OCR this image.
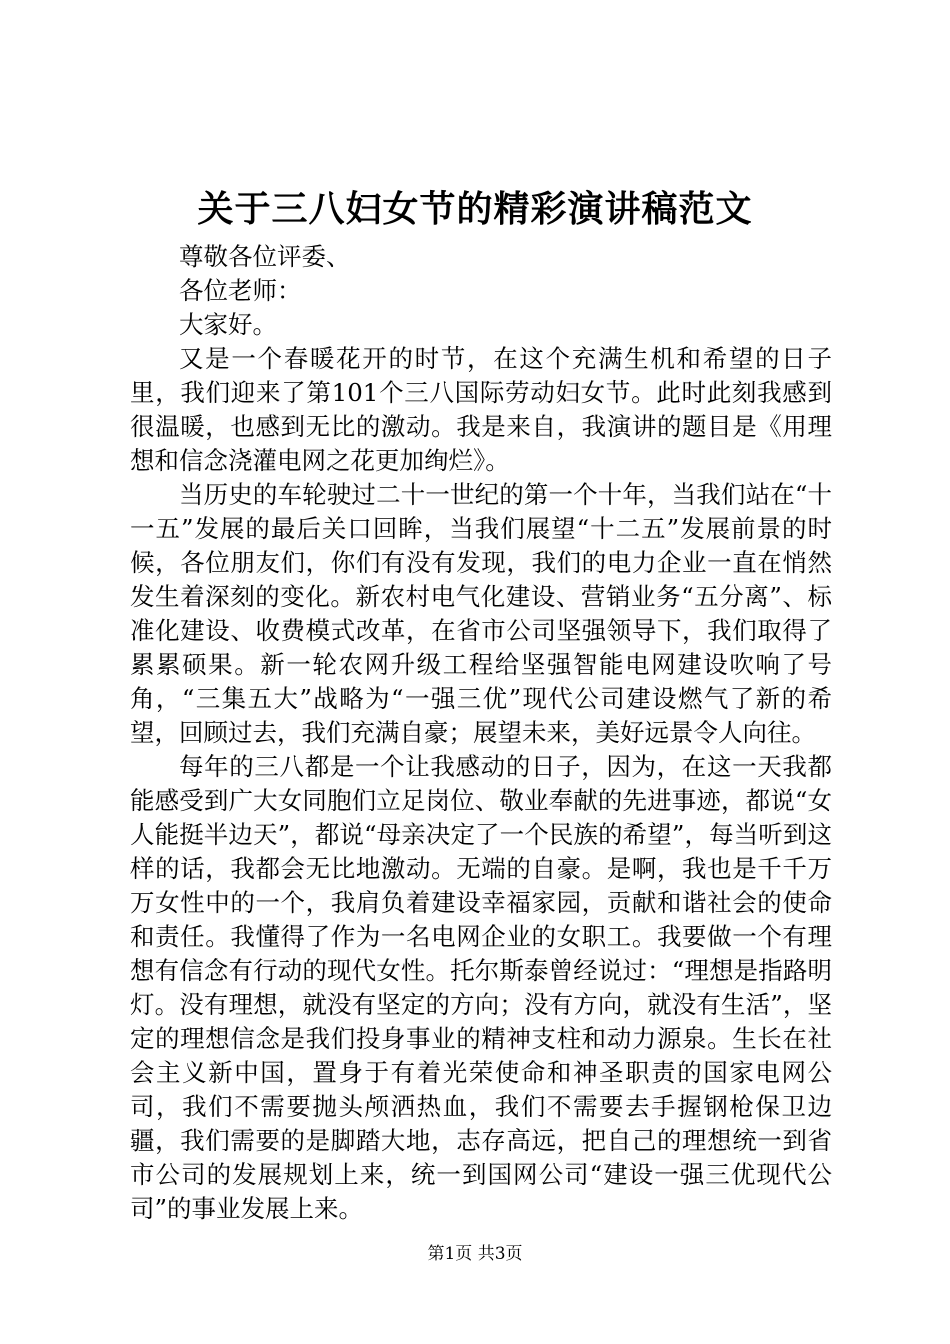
关于三八妇女节的精彩演讲稿范文
尊敬各位评委、
各位老师：
大家好。

又是一个春暖花开的时节，在这个充满生机和希望的日子里，我们迎来了第101个三八国际劳动妇女节。此时此刻我感到很温暖，也感到无比的激动。我是来自，我演讲的题目是《用理想和信念浇灌电网之花更加绚烂》。

当历史的车轮驶过二十一世纪的第一个十年，当我们站在“十一五”发展的最后关口回眸，当我们展望“十二五”发展前景的时候，各位朋友们，你们有没有发现，我们的电力企业一直在悄然发生着深刻的变化。新农村电气化建设、营销业务“五分离”、标准化建设、收费模式改革，在省市公司坚强领导下，我们取得了累累硕果。新一轮农网升级工程给坚强智能电网建设吹响了号角，“三集五大”战略为“一强三优”现代公司建设燃气了新的希望，回顾过去，我们充满自豪；展望未来，美好远景令人向往。

每年的三八都是一个让我感动的日子，因为，在这一天我都能感受到广大女同胞们立足岗位、敬业奉献的先进事迹，都说“女人能挺半边天”，都说“母亲决定了一个民族的希望”，每当听到这样的话，我都会无比地激动。无端的自豪。是啊，我也是千千万万女性中的一个，我肩负着建设幸福家园，贡献和谐社会的使命和责任。我懂得了作为一名电网企业的女职工。我要做一个有理想有信念有行动的现代女性。托尔斯泰曾经说过：“理想是指路明灯。没有理想，就没有坚定的方向；没有方向，就没有生活”，坚定的理想信念是我们投身事业的精神支柱和动力源泉。生长在社会主义新中国，置身于有着光荣使命和神圣职责的国家电网公司，我们不需要抛头颅洒热血，我们不需要去手握钢枪保卫边疆，我们需要的是脚踏大地，志存高远，把自己的理想统一到省市公司的发展规划上来，统一到国网公司“建设一强三优现代公司”的事业发展上来。

第1页 共3页
